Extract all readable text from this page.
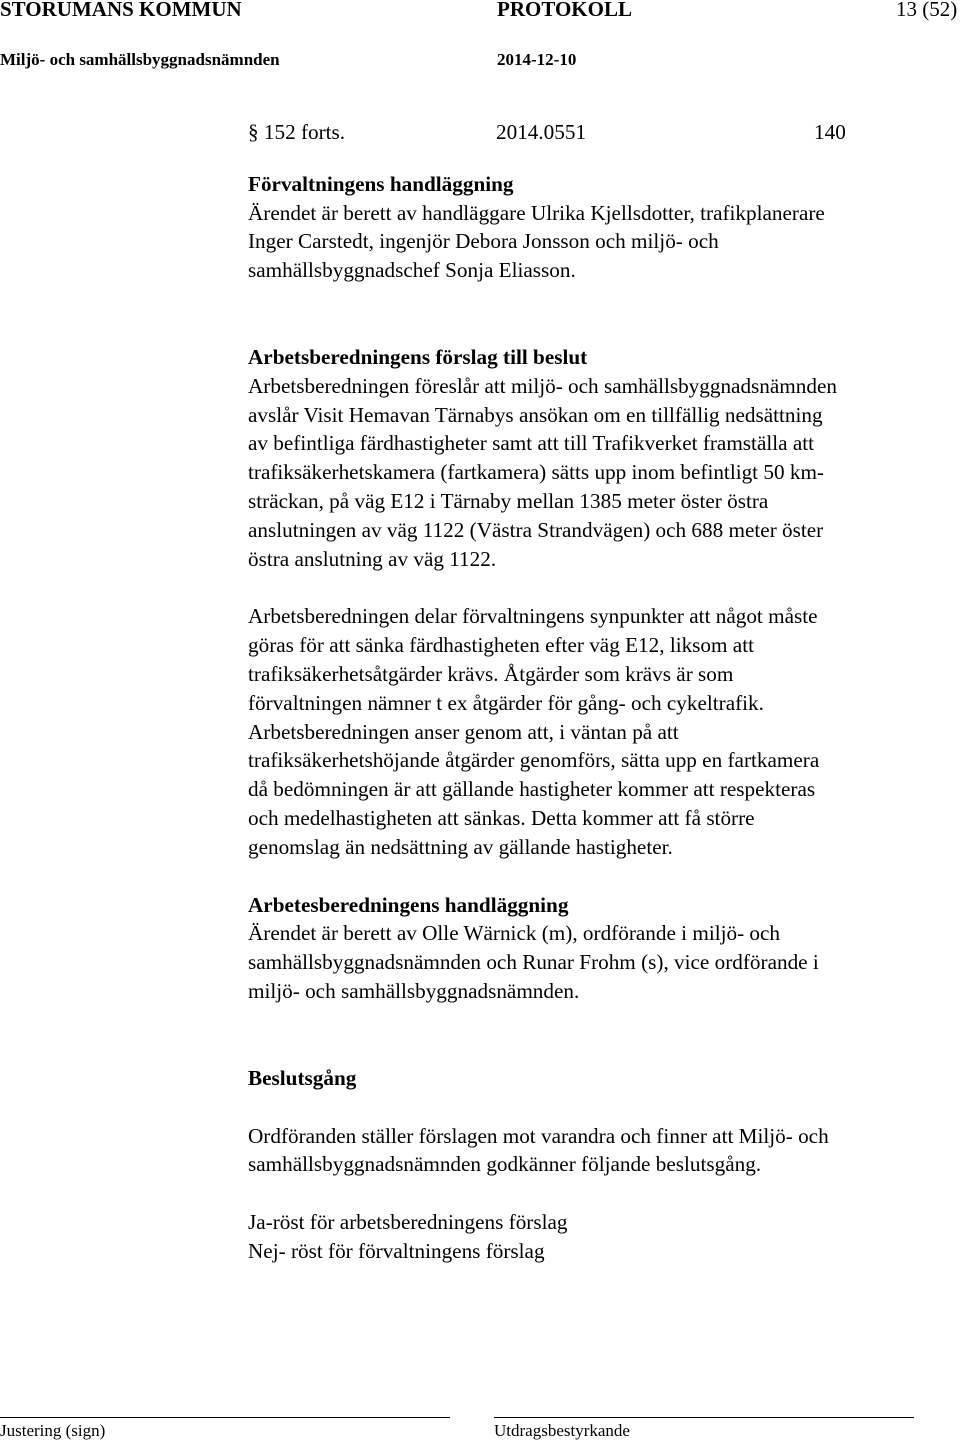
STORUMANS KOMMUN	PROTOKOLL	13 (52)
Miljö- och samhällsbyggnadsnämnden	2014-12-10
§ 152 forts.	2014.0551	140

Förvaltningens handläggning

Ärendet är berett av handläggare Ulrika Kjellsdotter, trafikplanerare
Inger Carstedt, ingenjör Debora Jonsson och miljö- och
samhällsbyggnadschef Sonja Eliasson.

Arbetsberedningens förslag till beslut

Arbetsberedningen föreslår att miljö- och samhällsbyggnadsnämnden
avslår Visit Hemavan Tärnabys ansökan om en tillfällig nedsättning
av befintliga färdhastigheter samt att till Trafikverket framställa att
trafiksäkerhetskamera (fartkamera) sätts upp inom befintligt 50 km-
sträckan, på väg E12 i Tärnaby mellan 1385 meter öster östra
anslutningen av väg 1122 (Västra Strandvägen) och 688 meter öster
östra anslutning av väg 1122.
Arbetsberedningen delar förvaltningens synpunkter att något måste
göras för att sänka färdhastigheten efter väg E12, liksom att
trafiksäkerhetsåtgärder krävs. Åtgärder som krävs är som
förvaltningen nämner t ex åtgärder för gång- och cykeltrafik.
Arbetsberedningen anser genom att, i väntan på att
trafiksäkerhetshöjande åtgärder genomförs, sätta upp en fartkamera
då bedömningen är att gällande hastigheter kommer att respekteras
och medelhastigheten att sänkas. Detta kommer att få större
genomslag än nedsättning av gällande hastigheter.

Arbetesberedningens handläggning

Ärendet är berett av Olle Wärnick (m), ordförande i miljö- och
samhällsbyggnadsnämnden och Runar Frohm (s), vice ordförande i
miljö- och samhällsbyggnadsnämnden.

Beslutsgång

Ordföranden ställer förslagen mot varandra och finner att Miljö- och
samhällsbyggnadsnämnden godkänner följande beslutsgång.
Ja-röst för arbetsberedningens förslag
Nej- röst för förvaltningens förslag
Justering (sign)	Utdragsbestyrkande
